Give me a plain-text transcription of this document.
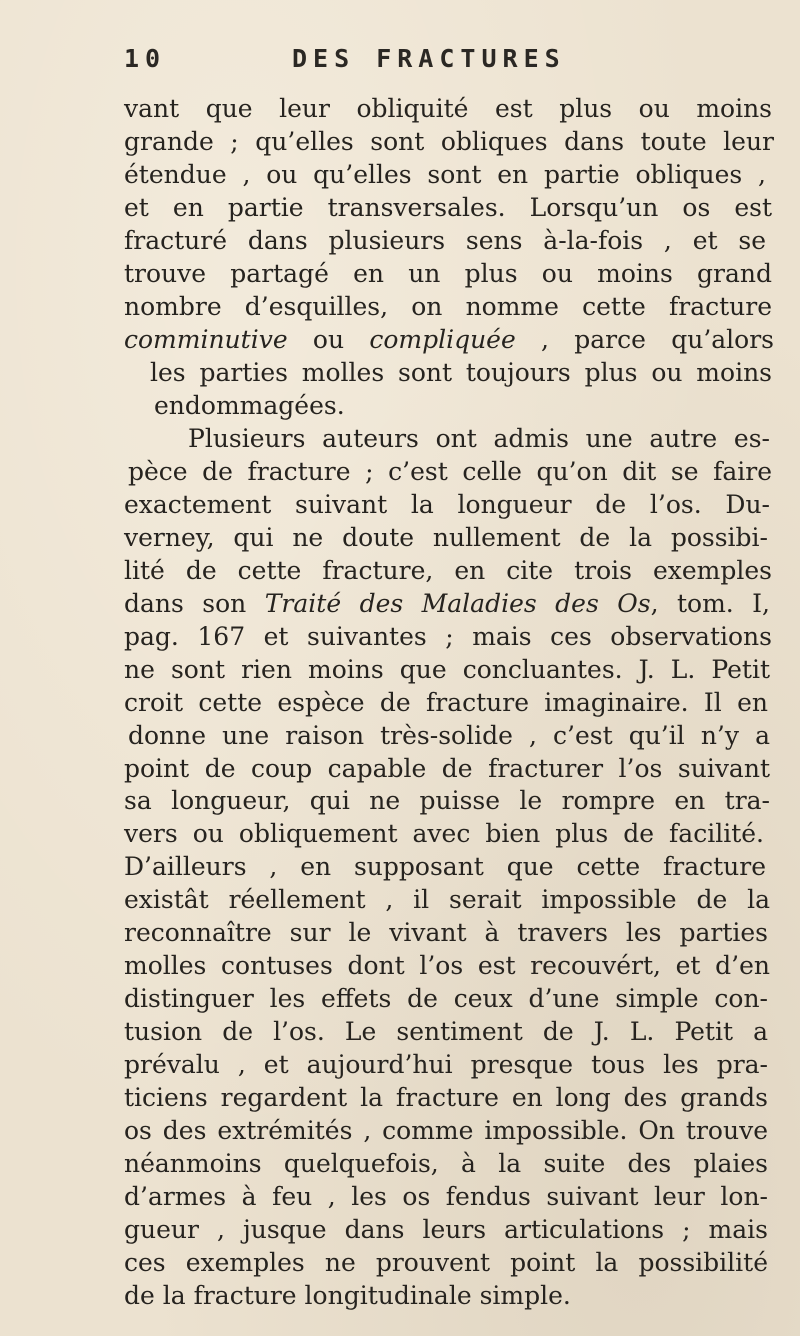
10	DES FRACTURES
vant que leur obliquité est plus ou moins
grande ; qu’elles sont obliques dans toute leur
étendue , ou qu’elles sont en partie obliques ,
et en partie transversales. Lorsqu’un os est
fracturé dans plusieurs sens à-la-fois , et se
trouve partagé en un plus ou moins grand
nombre d’esquilles, on nomme cette fracture
comminutive ou compliquée , parce qu’alors
les parties molles sont toujours plus ou moins
endommagées.
Plusieurs auteurs ont admis une autre es-
pèce de fracture ; c’est celle qu’on dit se faire
exactement suivant la longueur de l’os. Du-
verney, qui ne doute nullement de la possibi-
lité de cette fracture, en cite trois exemples
dans son Traité des Maladies des Os, tom. I,
pag. 167 et suivantes ; mais ces observations
ne sont rien moins que concluantes. J. L. Petit
croit cette espèce de fracture imaginaire. Il en
donne une raison très-solide , c’est qu’il n’y a
point de coup capable de fracturer l’os suivant
sa longueur, qui ne puisse le rompre en tra-
vers ou obliquement avec bien plus de facilité.
D’ailleurs , en supposant que cette fracture
existât réellement , il serait impossible de la
reconnaître sur le vivant à travers les parties
molles contuses dont l’os est recouvért, et d’en
distinguer les effets de ceux d’une simple con-
tusion de l’os. Le sentiment de J. L. Petit a
prévalu , et aujourd’hui presque tous les pra-
ticiens regardent la fracture en long des grands
os des extrémités , comme impossible. On trouve
néanmoins quelquefois, à la suite des plaies
d’armes à feu , les os fendus suivant leur lon-
gueur , jusque dans leurs articulations ; mais
ces exemples ne prouvent point la possibilité
de la fracture longitudinale simple.
